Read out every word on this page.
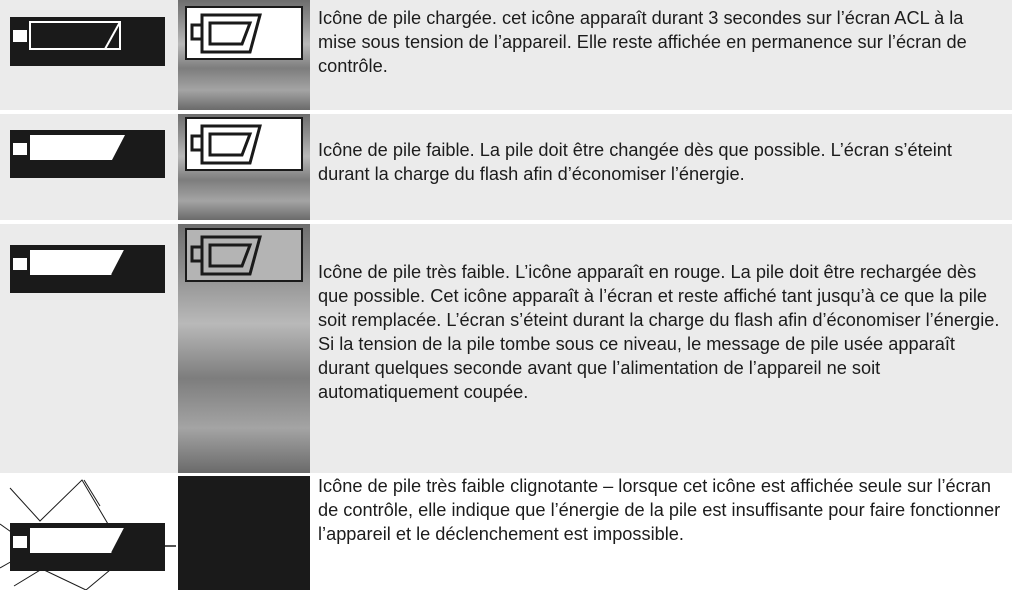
Icône de pile chargée. cet icône apparaît durant 3 secondes sur l’écran ACL à la mise sous tension de l’appareil. Elle reste affichée en permanence sur l’écran de contrôle.

Icône de pile faible. La pile doit être changée dès que possible. L’écran s’éteint durant la charge du flash afin d’économiser l’énergie.

Icône de pile très faible. L’icône apparaît en rouge. La pile doit être rechargée dès que possible. Cet icône apparaît à l’écran et reste affiché tant jusqu’à ce que la pile soit remplacée. L’écran s’éteint durant la charge du flash afin d’économiser l’énergie. Si la tension de la pile tombe sous ce niveau, le message de pile usée apparaît durant quelques seconde avant que l’alimentation de l’appareil ne soit automatiquement coupée.

Icône de pile très faible clignotante – lorsque cet icône est affichée seule sur l’écran de contrôle, elle indique que l’énergie de la pile est insuffisante pour faire fonctionner l’appareil et le déclenchement est impossible.
